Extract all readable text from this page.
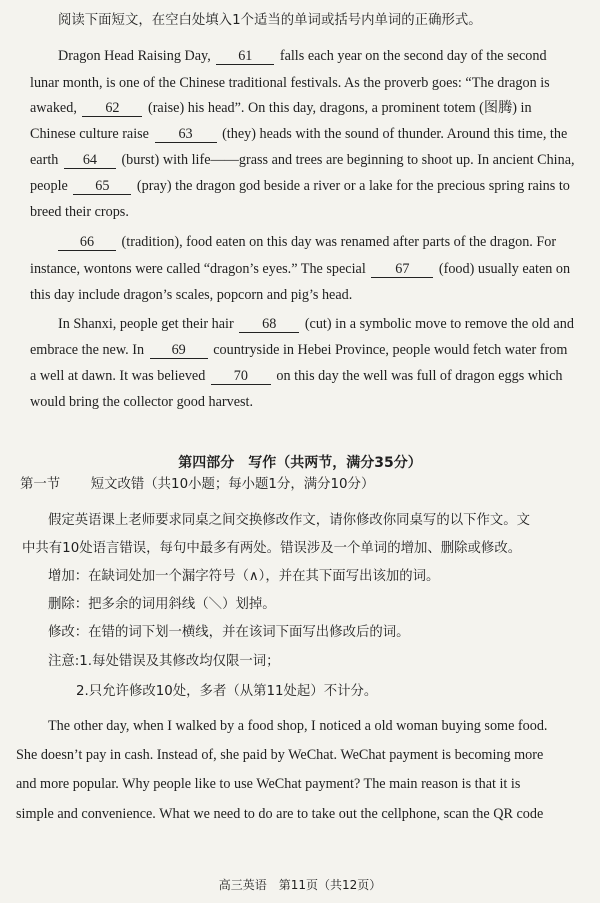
阅读下面短文，在空白处填入1个适当的单词或括号内单词的正确形式。
Dragon Head Raising Day, 61 falls each year on the second day of the second
lunar month, is one of the Chinese traditional festivals. As the proverb goes: “The dragon is
awaked, 62 (raise) his head”. On this day, dragons, a prominent totem (图腾) in
Chinese culture raise 63 (they) heads with the sound of thunder. Around this time, the
earth 64 (burst) with life——grass and trees are beginning to shoot up. In ancient China,
people 65 (pray) the dragon god beside a river or a lake for the precious spring rains to
breed their crops.
66 (tradition), food eaten on this day was renamed after parts of the dragon. For
instance, wontons were called “dragon’s eyes.” The special 67 (food) usually eaten on
this day include dragon’s scales, popcorn and pig’s head.
In Shanxi, people get their hair 68 (cut) in a symbolic move to remove the old and
embrace the new. In 69 countryside in Hebei Province, people would fetch water from
a well at dawn. It was believed 70 on this day the well was full of dragon eggs which
would bring the collector good harvest.
第四部分　写作（共两节，满分35分）
第一节 短文改错（共10小题；每小题1分，满分10分）
假定英语课上老师要求同桌之间交换修改作文，请你修改你同桌写的以下作文。文
中共有10处语言错误，每句中最多有两处。错误涉及一个单词的增加、删除或修改。
增加：在缺词处加一个漏字符号（∧），并在其下面写出该加的词。
删除：把多余的词用斜线（＼）划掉。
修改：在错的词下划一横线，并在该词下面写出修改后的词。
注意:1.每处错误及其修改均仅限一词；
2.只允许修改10处，多者（从第11处起）不计分。
The other day, when I walked by a food shop, I noticed a old woman buying some food.
She doesn’t pay in cash. Instead of, she paid by WeChat. WeChat payment is becoming more
and more popular. Why people like to use WeChat payment? The main reason is that it is
simple and convenience. What we need to do are to take out the cellphone, scan the QR code
高三英语　第11页（共12页）
